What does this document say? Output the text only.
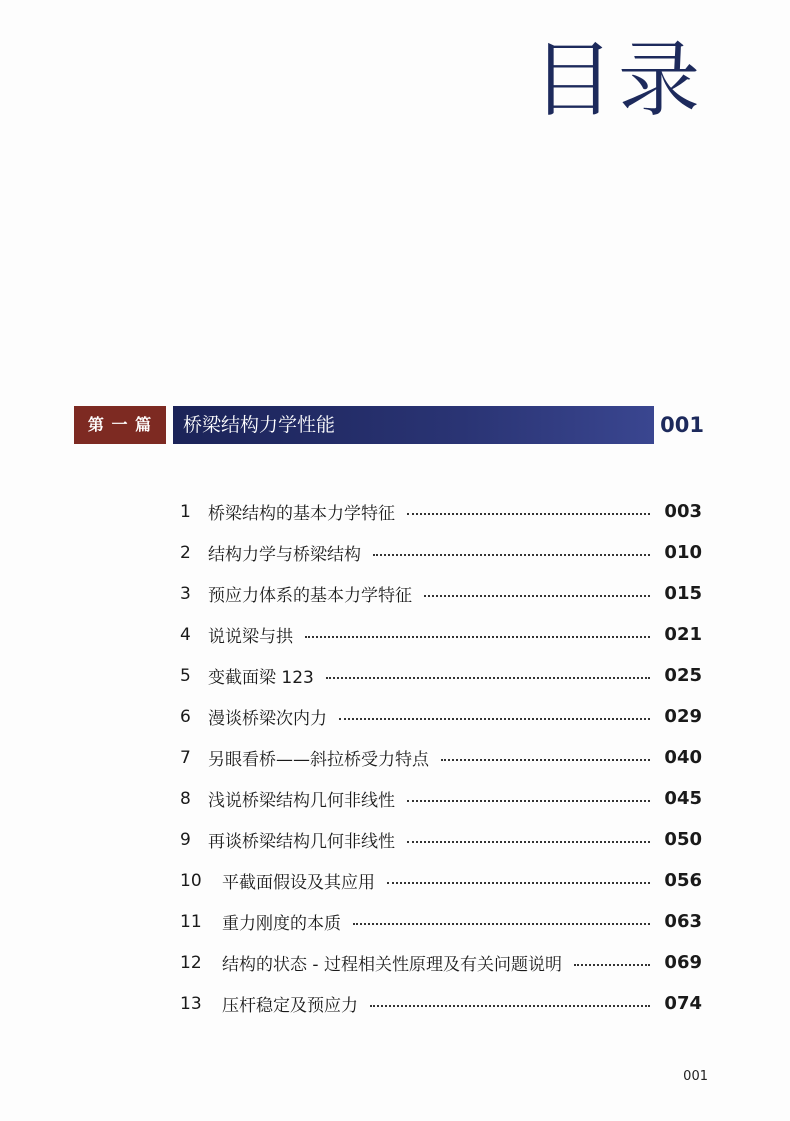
目录
第 一 篇	桥梁结构力学性能	001
1	桥梁结构的基本力学特征	003
2	结构力学与桥梁结构	010
3	预应力体系的基本力学特征	015
4	说说梁与拱	021
5	变截面梁 123	025
6	漫谈桥梁次内力	029
7	另眼看桥——斜拉桥受力特点	040
8	浅说桥梁结构几何非线性	045
9	再谈桥梁结构几何非线性	050
10	平截面假设及其应用	056
11	重力刚度的本质	063
12	结构的状态 - 过程相关性原理及有关问题说明	069
13	压杆稳定及预应力	074
001
